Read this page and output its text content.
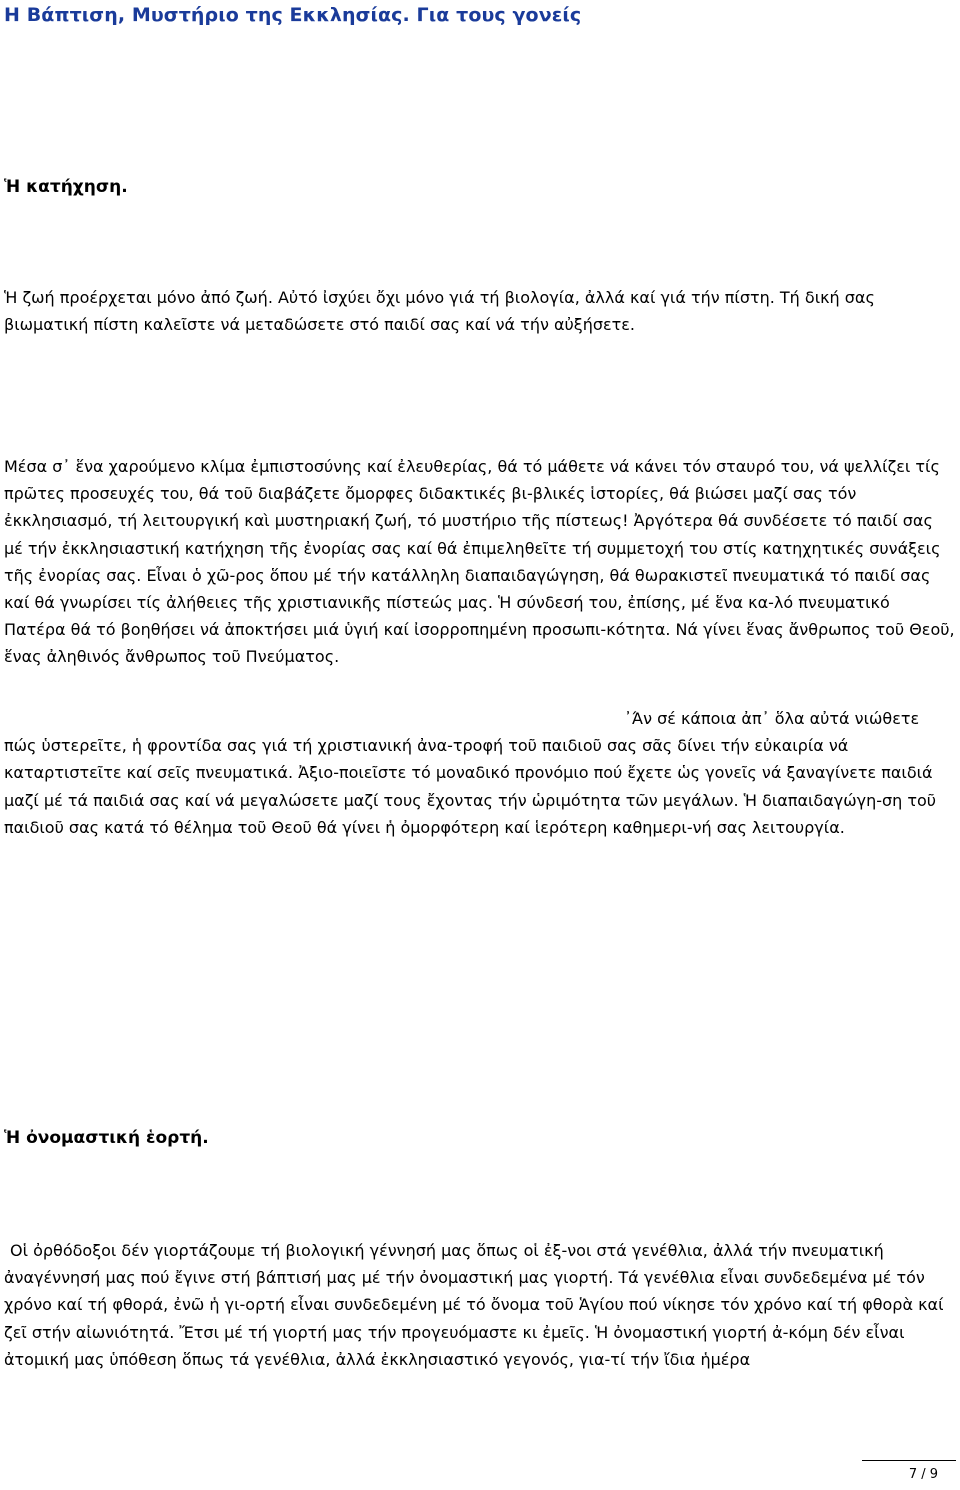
Η Βάπτιση, Μυστήριο της Εκκλησίας. Για τους γονείς
Ἡ κατήχηση.

Ἡ ζωή προέρχεται μόνο ἀπό ζωή. Αὐτό ἰσχύει ὄχι μόνο γιά τή βιολογία, ἀλλά καί γιά τήν πίστη. Τή δική σας βιωματική πίστη καλεῖστε νά μεταδώσετε στό παιδί σας καί νά τήν αὐξήσετε.

Μέσα σ᾽ ἕνα χαρούμενο κλίμα ἐμπιστοσύνης καί ἐλευθερίας, θά τό μάθετε νά κάνει τόν σταυρό του, νά ψελλίζει τίς πρῶτες προσευχές του, θά τοῦ διαβάζετε ὄμορφες διδακτικές βι-βλικές ἱστορίες, θά βιώσει μαζί σας τόν ἐκκλησιασμό, τή λειτουργική καὶ μυστηριακή ζωή, τό μυστήριο τῆς πίστεως! Ἀργότερα θά συνδέσετε τό παιδί σας μέ τήν ἐκκλησιαστική κατήχηση τῆς ἐνορίας σας καί θά ἐπιμεληθεῖτε τή συμμετοχή του στίς κατηχητικές συνάξεις τῆς ἐνορίας σας. Εἶναι ὁ χῶ-ρος ὅπου μέ τήν κατάλληλη διαπαιδαγώγηση, θά θωρακιστεῖ πνευματικά τό παιδί σας καί θά γνωρίσει τίς ἀλήθειες τῆς χριστιανικῆς πίστεώς μας. Ἡ σύνδεσή του, ἐπίσης, μέ ἕνα κα-λό πνευματικό Πατέρα θά τό βοηθήσει νά ἀποκτήσει μιά ὑγιή καί ἰσορροπημένη προσωπι-κότητα. Νά γίνει ἕνας ἄνθρωπος τοῦ Θεοῦ, ἕνας ἀληθινός ἄνθρωπος τοῦ Πνεύματος.

᾽Άν σέ κάποια ἀπ᾽ ὅλα αὐτά νιώθετε πώς ὑστερεῖτε, ἡ φροντίδα σας γιά τή χριστιανική ἀνα-τροφή τοῦ παιδιοῦ σας σᾶς δίνει τήν εὐκαιρία νά καταρτιστεῖτε καί σεῖς πνευματικά. Ἀξιο-ποιεῖστε τό μοναδικό προνόμιο πού ἔχετε ὡς γονεῖς νά ξαναγίνετε παιδιά μαζί μέ τά παιδιά σας καί νά μεγαλώσετε μαζί τους ἔχοντας τήν ὡριμότητα τῶν μεγάλων. Ἡ διαπαιδαγώγη-ση τοῦ παιδιοῦ σας κατά τό θέλημα τοῦ Θεοῦ θά γίνει ἡ ὀμορφότερη καί ἱερότερη καθημερι-νή σας λειτουργία.

Ἡ ὀνομαστική ἑορτή.

Οἱ ὀρθόδοξοι δέν γιορτάζουμε τή βιολογική γέννησή μας ὅπως οἱ ἐξ-νοι στά γενέθλια, ἀλλά τήν πνευματική ἀναγέννησή μας πού ἔγινε στή βάπτισή μας μέ τήν ὀνομαστική μας γιορτή. Τά γενέθλια εἶναι συνδεδεμένα μέ τόν χρόνο καί τή φθορά, ἐνῶ ἡ γι-ορτή εἶναι συνδεδεμένη μέ τό ὄνομα τοῦ Ἁγίου πού νίκησε τόν χρόνο καί τή φθορὰ καί ζεῖ στήν αἰωνιότητά. Ἔτσι μέ τή γιορτή μας τήν προγευόμαστε κι ἐμεῖς. Ἡ ὀνομαστική γιορτή ἀ-κόμη δέν εἶναι ἀτομική μας ὑπόθεση ὅπως τά γενέθλια, ἀλλά ἐκκλησιαστικό γεγονός, για-τί τήν ἴδια ἡμέρα

7 / 9
